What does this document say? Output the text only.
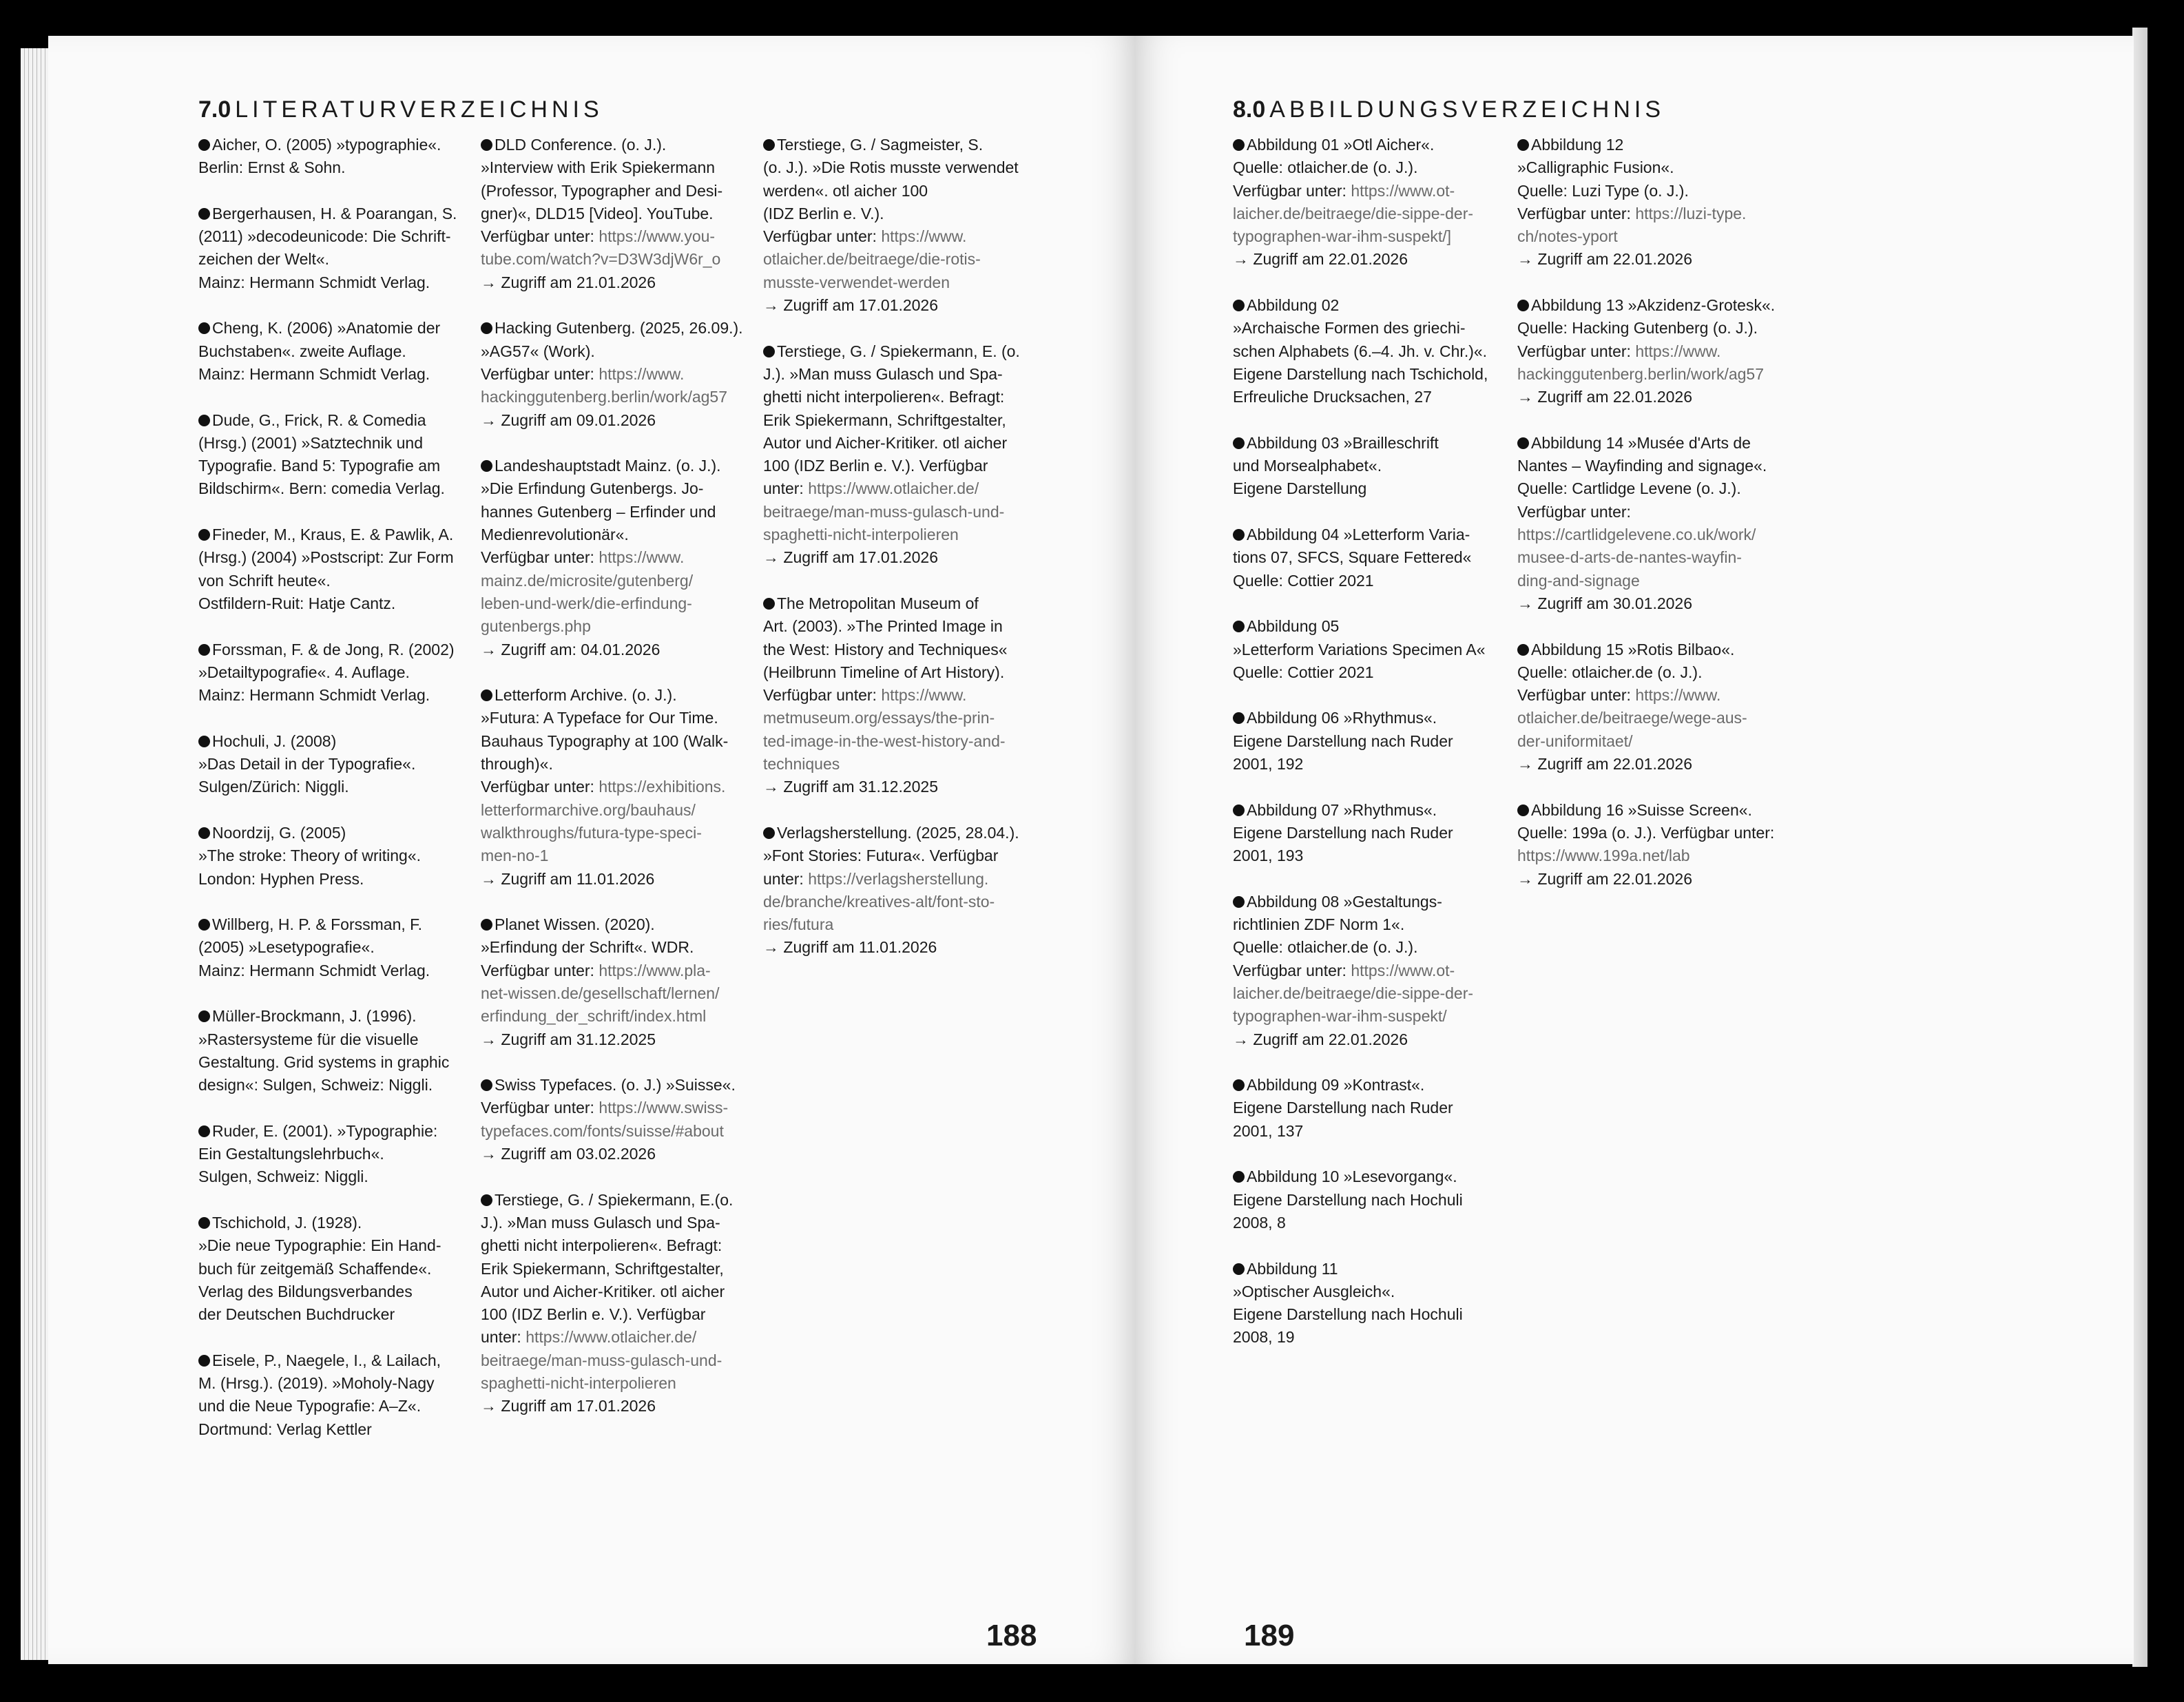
7.0 LITERATURVERZEICHNIS
Aicher, O. (2005) »typographie«.
Berlin: Ernst & Sohn.
Bergerhausen, H. & Poarangan, S.
(2011) »decodeunicode: Die Schrift-
zeichen der Welt«.
Mainz: Hermann Schmidt Verlag.
Cheng, K. (2006) »Anatomie der
Buchstaben«. zweite Auflage.
Mainz: Hermann Schmidt Verlag.
Dude, G., Frick, R. & Comedia
(Hrsg.) (2001) »Satztechnik und
Typografie. Band 5: Typografie am
Bildschirm«. Bern: comedia Verlag.
Fineder, M., Kraus, E. & Pawlik, A.
(Hrsg.) (2004) »Postscript: Zur Form
von Schrift heute«.
Ostfildern-Ruit: Hatje Cantz.
Forssman, F. & de Jong, R. (2002)
»Detailtypografie«. 4. Auflage.
Mainz: Hermann Schmidt Verlag.
Hochuli, J. (2008)
»Das Detail in der Typografie«.
Sulgen/Zürich: Niggli.
Noordzij, G. (2005)
»The stroke: Theory of writing«.
London: Hyphen Press.
Willberg, H. P. & Forssman, F.
(2005) »Lesetypografie«.
Mainz: Hermann Schmidt Verlag.
Müller-Brockmann, J. (1996).
»Rastersysteme für die visuelle
Gestaltung. Grid systems in graphic
design«: Sulgen, Schweiz: Niggli.
Ruder, E. (2001). »Typographie:
Ein Gestaltungslehrbuch«.
Sulgen, Schweiz: Niggli.
Tschichold, J. (1928).
»Die neue Typographie: Ein Hand-
buch für zeitgemäß Schaffende«.
Verlag des Bildungsverbandes
der Deutschen Buchdrucker
Eisele, P., Naegele, I., & Lailach,
M. (Hrsg.). (2019). »Moholy-Nagy
und die Neue Typografie: A–Z«.
Dortmund: Verlag Kettler
DLD Conference. (o. J.).
»Interview with Erik Spiekermann
(Professor, Typographer and Desi-
gner)«, DLD15 [Video]. YouTube.
Verfügbar unter: https://www.you-
tube.com/watch?v=D3W3djW6r_o
→ Zugriff am 21.01.2026
Hacking Gutenberg. (2025, 26.09.).
»AG57« (Work).
Verfügbar unter: https://www.
hackinggutenberg.berlin/work/ag57
→ Zugriff am 09.01.2026
Landeshauptstadt Mainz. (o. J.).
»Die Erfindung Gutenbergs. Jo-
hannes Gutenberg – Erfinder und
Medienrevolutionär«.
Verfügbar unter: https://www.
mainz.de/microsite/gutenberg/
leben-und-werk/die-erfindung-
gutenbergs.php
→ Zugriff am: 04.01.2026
Letterform Archive. (o. J.).
»Futura: A Typeface for Our Time.
Bauhaus Typography at 100 (Walk-
through)«.
Verfügbar unter: https://exhibitions.
letterformarchive.org/bauhaus/
walkthroughs/futura-type-speci-
men-no-1
→ Zugriff am 11.01.2026
Planet Wissen. (2020).
»Erfindung der Schrift«. WDR.
Verfügbar unter: https://www.pla-
net-wissen.de/gesellschaft/lernen/
erfindung_der_schrift/index.html
→ Zugriff am 31.12.2025
Swiss Typefaces. (o. J.) »Suisse«.
Verfügbar unter: https://www.swiss-
typefaces.com/fonts/suisse/#about
→ Zugriff am 03.02.2026
Terstiege, G. / Spiekermann, E.(o.
J.). »Man muss Gulasch und Spa-
ghetti nicht interpolieren«. Befragt:
Erik Spiekermann, Schriftgestalter,
Autor und Aicher-Kritiker. otl aicher
100 (IDZ Berlin e. V.). Verfügbar
unter: https://www.otlaicher.de/
beitraege/man-muss-gulasch-und-
spaghetti-nicht-interpolieren
→ Zugriff am 17.01.2026
Terstiege, G. / Sagmeister, S.
(o. J.). »Die Rotis musste verwendet
werden«. otl aicher 100
(IDZ Berlin e. V.).
Verfügbar unter: https://www.
otlaicher.de/beitraege/die-rotis-
musste-verwendet-werden
→ Zugriff am 17.01.2026
Terstiege, G. / Spiekermann, E. (o.
J.). »Man muss Gulasch und Spa-
ghetti nicht interpolieren«. Befragt:
Erik Spiekermann, Schriftgestalter,
Autor und Aicher-Kritiker. otl aicher
100 (IDZ Berlin e. V.). Verfügbar
unter: https://www.otlaicher.de/
beitraege/man-muss-gulasch-und-
spaghetti-nicht-interpolieren
→ Zugriff am 17.01.2026
The Metropolitan Museum of
Art. (2003). »The Printed Image in
the West: History and Techniques«
(Heilbrunn Timeline of Art History).
Verfügbar unter: https://www.
metmuseum.org/essays/the-prin-
ted-image-in-the-west-history-and-
techniques
→ Zugriff am 31.12.2025
Verlagsherstellung. (2025, 28.04.).
»Font Stories: Futura«. Verfügbar
unter: https://verlagsherstellung.
de/branche/kreatives-alt/font-sto-
ries/futura
→ Zugriff am 11.01.2026
188
8.0 ABBILDUNGSVERZEICHNIS
Abbildung 01 »Otl Aicher«.
Quelle: otlaicher.de (o. J.).
Verfügbar unter: https://www.ot-
laicher.de/beitraege/die-sippe-der-
typographen-war-ihm-suspekt/]
→ Zugriff am 22.01.2026
Abbildung 02
»Archaische Formen des griechi-
schen Alphabets (6.–4. Jh. v. Chr.)«.
Eigene Darstellung nach Tschichold,
Erfreuliche Drucksachen, 27
Abbildung 03 »Brailleschrift
und Morsealphabet«.
Eigene Darstellung
Abbildung 04 »Letterform Varia-
tions 07, SFCS, Square Fettered«
Quelle: Cottier 2021
Abbildung 05
»Letterform Variations Specimen A«
Quelle: Cottier 2021
Abbildung 06 »Rhythmus«.
Eigene Darstellung nach Ruder
2001, 192
Abbildung 07 »Rhythmus«.
Eigene Darstellung nach Ruder
2001, 193
Abbildung 08 »Gestaltungs-
richtlinien ZDF Norm 1«.
Quelle: otlaicher.de (o. J.).
Verfügbar unter: https://www.ot-
laicher.de/beitraege/die-sippe-der-
typographen-war-ihm-suspekt/
→ Zugriff am 22.01.2026
Abbildung 09 »Kontrast«.
Eigene Darstellung nach Ruder
2001, 137
Abbildung 10 »Lesevorgang«.
Eigene Darstellung nach Hochuli
2008, 8
Abbildung 11
»Optischer Ausgleich«.
Eigene Darstellung nach Hochuli
2008, 19
Abbildung 12
»Calligraphic Fusion«.
Quelle: Luzi Type (o. J.).
Verfügbar unter: https://luzi-type.
ch/notes-yport
→ Zugriff am 22.01.2026
Abbildung 13 »Akzidenz-Grotesk«.
Quelle: Hacking Gutenberg (o. J.).
Verfügbar unter: https://www.
hackinggutenberg.berlin/work/ag57
→ Zugriff am 22.01.2026
Abbildung 14 »Musée d'Arts de
Nantes – Wayfinding and signage«.
Quelle: Cartlidge Levene (o. J.).
Verfügbar unter:
https://cartlidgelevene.co.uk/work/
musee-d-arts-de-nantes-wayfin-
ding-and-signage
→ Zugriff am 30.01.2026
Abbildung 15 »Rotis Bilbao«.
Quelle: otlaicher.de (o. J.).
Verfügbar unter: https://www.
otlaicher.de/beitraege/wege-aus-
der-uniformitaet/
→ Zugriff am 22.01.2026
Abbildung 16 »Suisse Screen«.
Quelle: 199a (o. J.). Verfügbar unter:
https://www.199a.net/lab
→ Zugriff am 22.01.2026
189
